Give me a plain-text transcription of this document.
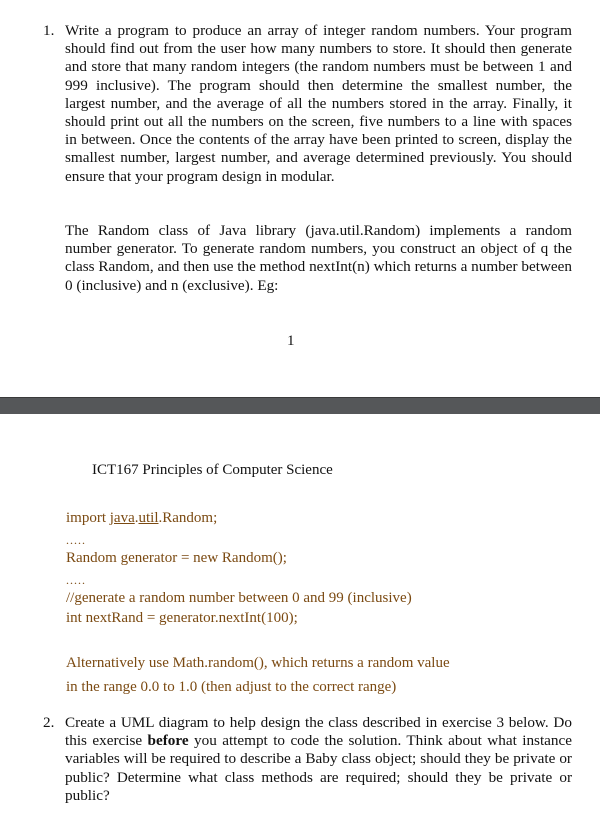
1. Write a program to produce an array of integer random numbers. Your program should find out from the user how many numbers to store. It should then generate and store that many random integers (the random numbers must be between 1 and 999 inclusive). The program should then determine the smallest number, the largest number, and the average of all the numbers stored in the array. Finally, it should print out all the numbers on the screen, five numbers to a line with spaces in between. Once the contents of the array have been printed to screen, display the smallest number, largest number, and average determined previously. You should ensure that your program design in modular.
The Random class of Java library (java.util.Random) implements a random number generator. To generate random numbers, you construct an object of q the class Random, and then use the method nextInt(n) which returns a number between 0 (inclusive) and n (exclusive). Eg:
1
ICT167 Principles of Computer Science
import java.util.Random;
.....
Random generator = new Random();
.....
//generate a random number between 0 and 99 (inclusive)
int nextRand = generator.nextInt(100);
Alternatively use Math.random(), which returns a random value
in the range 0.0 to 1.0 (then adjust to the correct range)
2. Create a UML diagram to help design the class described in exercise 3 below. Do this exercise before you attempt to code the solution. Think about what instance variables will be required to describe a Baby class object; should they be private or public? Determine what class methods are required; should they be private or public?
